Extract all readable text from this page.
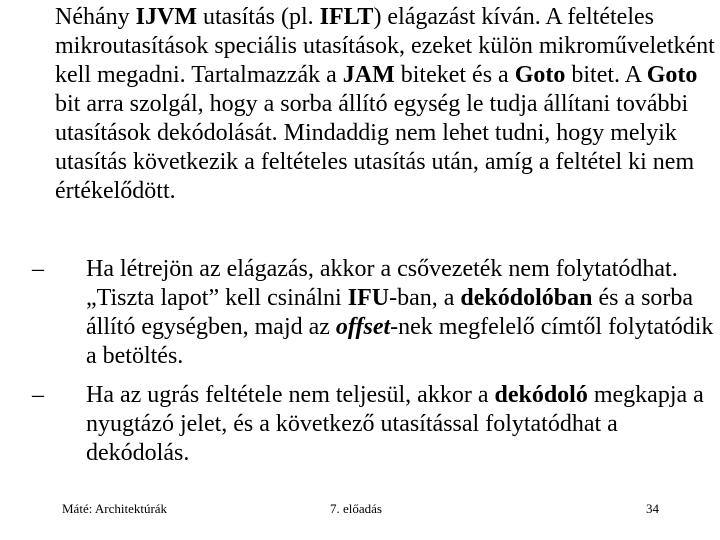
Néhány IJVM utasítás (pl. IFLT) elágazást kíván. A feltételes mikroutasítások speciális utasítások, ezeket külön mikroműveletként kell megadni. Tartalmazzák a JAM biteket és a Goto bitet. A Goto bit arra szolgál, hogy a sorba állító egység le tudja állítani további utasítások dekódolását. Mindaddig nem lehet tudni, hogy melyik utasítás következik a feltételes utasítás után, amíg a feltétel ki nem értékelődött.

– Ha létrejön az elágazás, akkor a csővezeték nem folytatódhat. „Tiszta lapot” kell csinálni IFU-ban, a dekódolóban és a sorba állító egységben, majd az offset-nek megfelelő címtől folytatódik a betöltés.

– Ha az ugrás feltétele nem teljesül, akkor a dekódoló megkapja a nyugtázó jelet, és a következő utasítással folytatódhat a dekódolás.

Máté: Architektúrák	7. előadás	34
